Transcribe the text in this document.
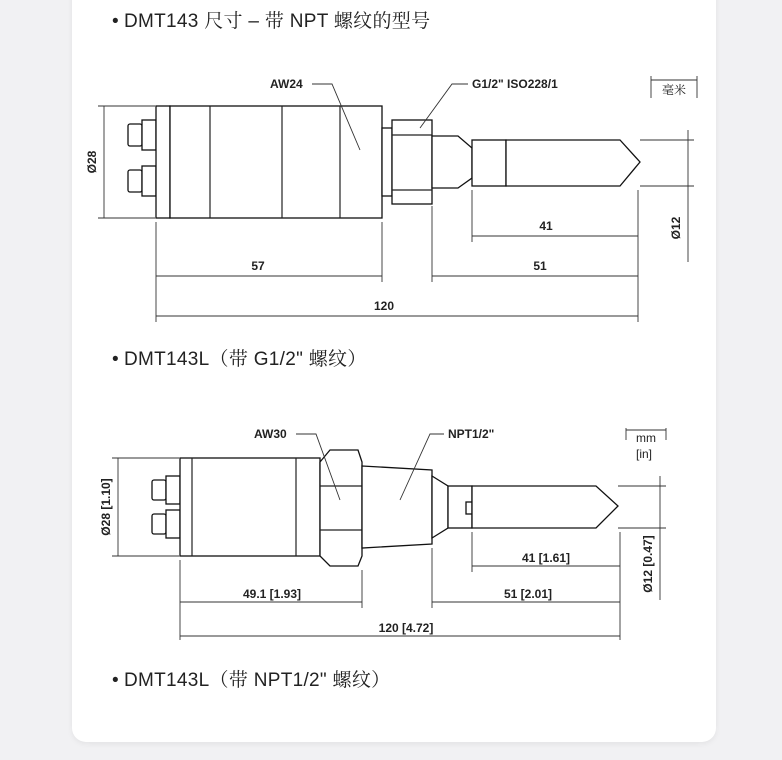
• DMT143 尺寸 – 带 NPT 螺纹的型号
• DMT143L（带 G1/2" 螺纹）
• DMT143L（带 NPT1/2" 螺纹）
毫米
AW24	G1/2" ISO228/1
Ø28
Ø12
41
57	51
120
mm
[in]
AW30	NPT1/2"
Ø28 [1.10]
Ø12 [0.47]
41 [1.61]
49.1 [1.93]	51 [2.01]
120 [4.72]
